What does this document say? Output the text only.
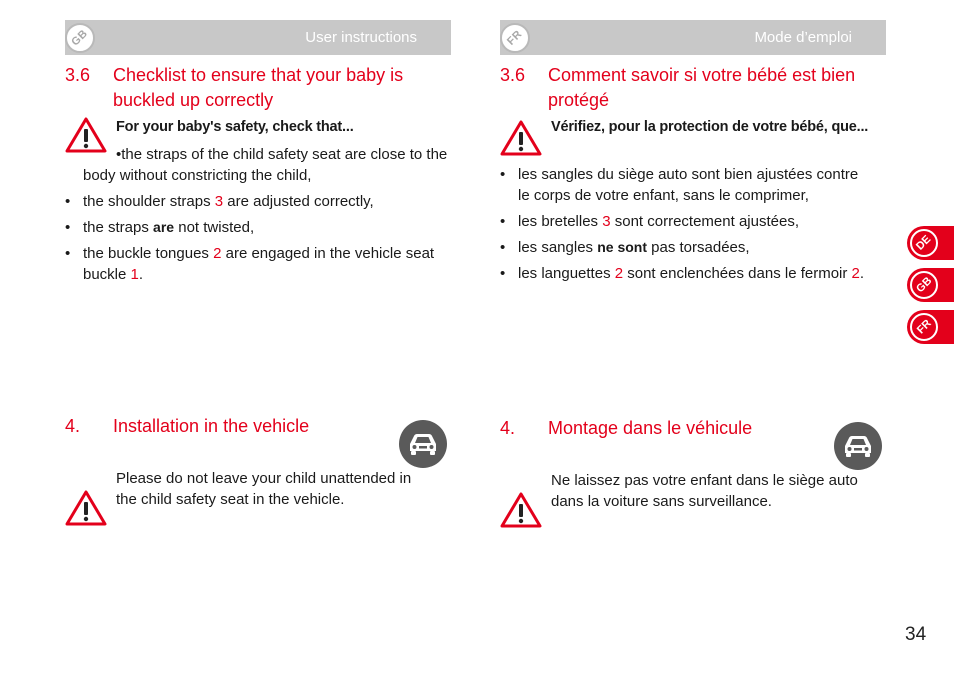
GB	User instructions
3.6	Checklist to ensure that your baby is buckled up correctly
For your baby's safety, check that...
•the straps of the child safety seat are close to the body without constricting the child,
• the shoulder straps 3 are adjusted correctly,
• the straps are not twisted,
• the buckle tongues 2 are engaged in the vehicle seat buckle 1.
4.	Installation in the vehicle
Please do not leave your child unattended in the child safety seat in the vehicle.
FR	Mode d’emploi
3.6	Comment savoir si votre bébé est bien protégé
Vérifiez, pour la protection de votre bébé, que...
• les sangles du siège auto sont bien ajustées contre le corps de votre enfant, sans le comprimer,
• les bretelles 3 sont correctement ajustées,
• les sangles ne sont pas torsadées,
• les languettes 2 sont enclenchées dans le fermoir 2.
4.	Montage dans le véhicule
Ne laissez pas votre enfant dans le siège auto dans la voiture sans surveillance.
DE
GB
FR
34
